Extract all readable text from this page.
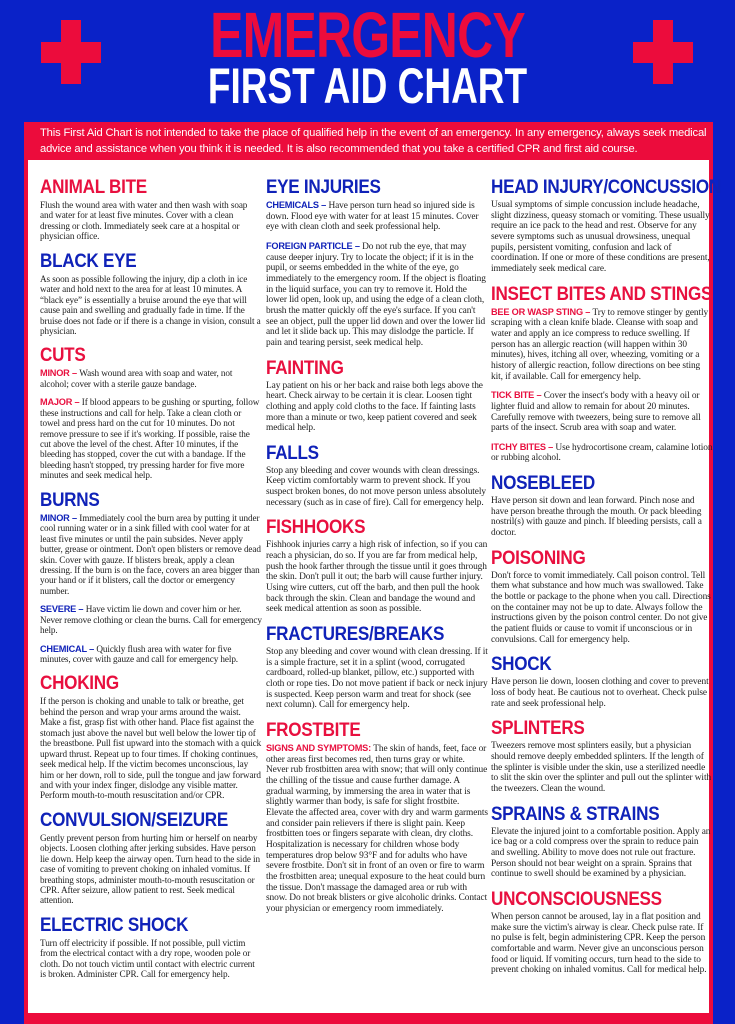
EMERGENCY
FIRST AID CHART
This First Aid Chart is not intended to take the place of qualified help in the event of an emergency. In any emergency, always seek medical advice and assistance when you think it is needed. It is also recommended that you take a certified CPR and first aid course.
ANIMAL BITE
Flush the wound area with water and then wash with soap and water for at least five minutes. Cover with a clean dressing or cloth. Immediately seek care at a hospital or physician office.
BLACK EYE
As soon as possible following the injury, dip a cloth in ice water and hold next to the area for at least 10 minutes. A “black eye” is essentially a bruise around the eye that will cause pain and swelling and gradually fade in time. If the bruise does not fade or if there is a change in vision, consult a physician.
CUTS
MINOR – Wash wound area with soap and water, not alcohol; cover with a sterile gauze bandage.
MAJOR – If blood appears to be gushing or spurting, follow these instructions and call for help. Take a clean cloth or towel and press hard on the cut for 10 minutes. Do not remove pressure to see if it's working. If possible, raise the cut above the level of the chest. After 10 minutes, if the bleeding has stopped, cover the cut with a bandage. If the bleeding hasn't stopped, try pressing harder for five more minutes and seek medical help.
BURNS
MINOR – Immediately cool the burn area by putting it under cool running water or in a sink filled with cool water for at least five minutes or until the pain subsides. Never apply butter, grease or ointment. Don't open blisters or remove dead skin. Cover with gauze. If blisters break, apply a clean dressing. If the burn is on the face, covers an area bigger than your hand or if it blisters, call the doctor or emergency number.
SEVERE – Have victim lie down and cover him or her. Never remove clothing or clean the burns. Call for emergency help.
CHEMICAL – Quickly flush area with water for five minutes, cover with gauze and call for emergency help.
CHOKING
If the person is choking and unable to talk or breathe, get behind the person and wrap your arms around the waist. Make a fist, grasp fist with other hand. Place fist against the stomach just above the navel but well below the lower tip of the breastbone. Pull fist upward into the stomach with a quick upward thrust. Repeat up to four times. If choking continues, seek medical help. If the victim becomes unconscious, lay him or her down, roll to side, pull the tongue and jaw forward and with your index finger, dislodge any visible matter. Perform mouth-to-mouth resuscitation and/or CPR.
CONVULSION/SEIZURE
Gently prevent person from hurting him or herself on nearby objects. Loosen clothing after jerking subsides. Have person lie down. Help keep the airway open. Turn head to the side in case of vomiting to prevent choking on inhaled vomitus. If breathing stops, administer mouth-to-mouth resuscitation or CPR. After seizure, allow patient to rest. Seek medical attention.
ELECTRIC SHOCK
Turn off electricity if possible. If not possible, pull victim from the electrical contact with a dry rope, wooden pole or cloth. Do not touch victim until contact with electric current is broken. Administer CPR. Call for emergency help.
EYE INJURIES
CHEMICALS – Have person turn head so injured side is down. Flood eye with water for at least 15 minutes. Cover eye with clean cloth and seek professional help.
FOREIGN PARTICLE – Do not rub the eye, that may cause deeper injury. Try to locate the object; if it is in the pupil, or seems embedded in the white of the eye, go immediately to the emergency room. If the object is floating in the liquid surface, you can try to remove it. Hold the lower lid open, look up, and using the edge of a clean cloth, brush the matter quickly off the eye's surface. If you can't see an object, pull the upper lid down and over the lower lid and let it slide back up. This may dislodge the particle. If pain and tearing persist, seek medical help.
FAINTING
Lay patient on his or her back and raise both legs above the heart. Check airway to be certain it is clear. Loosen tight clothing and apply cold cloths to the face. If fainting lasts more than a minute or two, keep patient covered and seek medical help.
FALLS
Stop any bleeding and cover wounds with clean dressings. Keep victim comfortably warm to prevent shock. If you suspect broken bones, do not move person unless absolutely necessary (such as in case of fire). Call for emergency help.
FISHHOOKS
Fishhook injuries carry a high risk of infection, so if you can reach a physician, do so. If you are far from medical help, push the hook farther through the tissue until it goes through the skin. Don't pull it out; the barb will cause further injury. Using wire cutters, cut off the barb, and then pull the hook back through the skin. Clean and bandage the wound and seek medical attention as soon as possible.
FRACTURES/BREAKS
Stop any bleeding and cover wound with clean dressing. If it is a simple fracture, set it in a splint (wood, corrugated cardboard, rolled-up blanket, pillow, etc.) supported with cloth or rope ties. Do not move patient if back or neck injury is suspected. Keep person warm and treat for shock (see next column). Call for emergency help.
FROSTBITE
SIGNS AND SYMPTOMS: The skin of hands, feet, face or other areas first becomes red, then turns gray or white. Never rub frostbitten area with snow; that will only continue the chilling of the tissue and cause further damage. A gradual warming, by immersing the area in water that is slightly warmer than body, is safe for slight frostbite. Elevate the affected area, cover with dry and warm garments and consider pain relievers if there is slight pain. Keep frostbitten toes or fingers separate with clean, dry cloths. Hospitalization is necessary for children whose body temperatures drop below 93°F and for adults who have severe frostbite. Don't sit in front of an oven or fire to warm the frostbitten area; unequal exposure to the heat could burn the tissue. Don't massage the damaged area or rub with snow. Do not break blisters or give alcoholic drinks. Contact your physician or emergency room immediately.
HEAD INJURY/CONCUSSION
Usual symptoms of simple concussion include headache, slight dizziness, queasy stomach or vomiting. These usually require an ice pack to the head and rest. Observe for any severe symptoms such as unusual drowsiness, unequal pupils, persistent vomiting, confusion and lack of coordination. If one or more of these conditions are present, immediately seek medical care.
INSECT BITES AND STINGS
BEE OR WASP STING – Try to remove stinger by gently scraping with a clean knife blade. Cleanse with soap and water and apply an ice compress to reduce swelling. If person has an allergic reaction (will happen within 30 minutes), hives, itching all over, wheezing, vomiting or a history of allergic reaction, follow directions on bee sting kit, if available. Call for emergency help.
TICK BITE – Cover the insect's body with a heavy oil or lighter fluid and allow to remain for about 20 minutes. Carefully remove with tweezers, being sure to remove all parts of the insect. Scrub area with soap and water.
ITCHY BITES – Use hydrocortisone cream, calamine lotion or rubbing alcohol.
NOSEBLEED
Have person sit down and lean forward. Pinch nose and have person breathe through the mouth. Or pack bleeding nostril(s) with gauze and pinch. If bleeding persists, call a doctor.
POISONING
Don't force to vomit immediately. Call poison control. Tell them what substance and how much was swallowed. Take the bottle or package to the phone when you call. Directions on the container may not be up to date. Always follow the instructions given by the poison control center. Do not give the patient fluids or cause to vomit if unconscious or in convulsions. Call for emergency help.
SHOCK
Have person lie down, loosen clothing and cover to prevent loss of body heat. Be cautious not to overheat. Check pulse rate and seek professional help.
SPLINTERS
Tweezers remove most splinters easily, but a physician should remove deeply embedded splinters. If the length of the splinter is visible under the skin, use a sterilized needle to slit the skin over the splinter and pull out the splinter with the tweezers. Clean the wound.
SPRAINS & STRAINS
Elevate the injured joint to a comfortable position. Apply an ice bag or a cold compress over the sprain to reduce pain and swelling. Ability to move does not rule out fracture. Person should not bear weight on a sprain. Sprains that continue to swell should be examined by a physician.
UNCONSCIOUSNESS
When person cannot be aroused, lay in a flat position and make sure the victim's airway is clear. Check pulse rate. If no pulse is felt, begin administering CPR. Keep the person comfortable and warm. Never give an unconscious person food or liquid. If vomiting occurs, turn head to the side to prevent choking on inhaled vomitus. Call for medical help.
